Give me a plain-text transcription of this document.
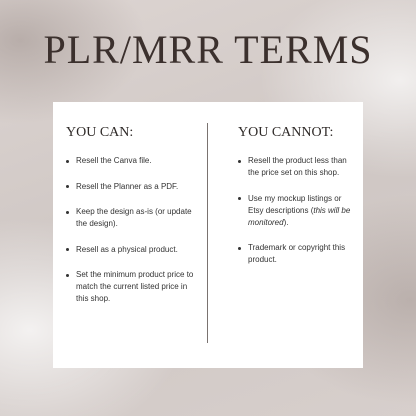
PLR/MRR TERMS
YOU CAN:
Resell the Canva file.
Resell the Planner as a PDF.
Keep the design as-is (or update the design).
Resell as a physical product.
Set the minimum product price to match the current listed price in this shop.
YOU CANNOT:
Resell the product less than the price set on this shop.
Use my mockup listings or Etsy descriptions (this will be monitored).
Trademark or copyright this product.
